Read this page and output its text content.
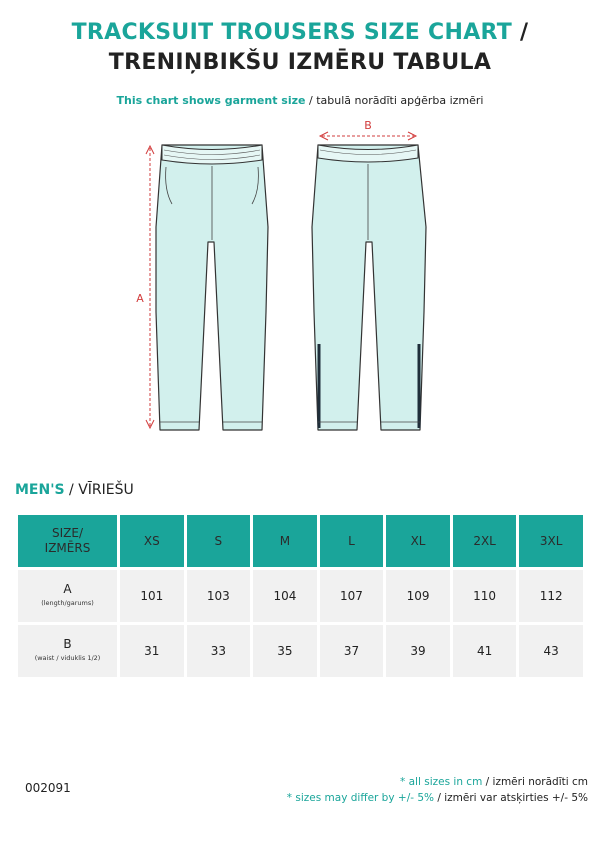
TRACKSUIT TROUSERS SIZE CHART /
TRENIŅBIKŠU IZMĒRU TABULA
This chart shows garment size / tabulā norādīti apģērba izmēri
A
B
MEN'S / VĪRIEŠU
SIZE/
IZMĒRS	XS	S	M	L	XL	2XL	3XL

A
(length/garums)	101	103	104	107	109	110	112

B
(waist / viduklis 1/2)	31	33	35	37	39	41	43
002091	* all sizes in cm / izmēri norādīti cm
* sizes may differ by +/- 5% / izmēri var atsķirties +/- 5%
